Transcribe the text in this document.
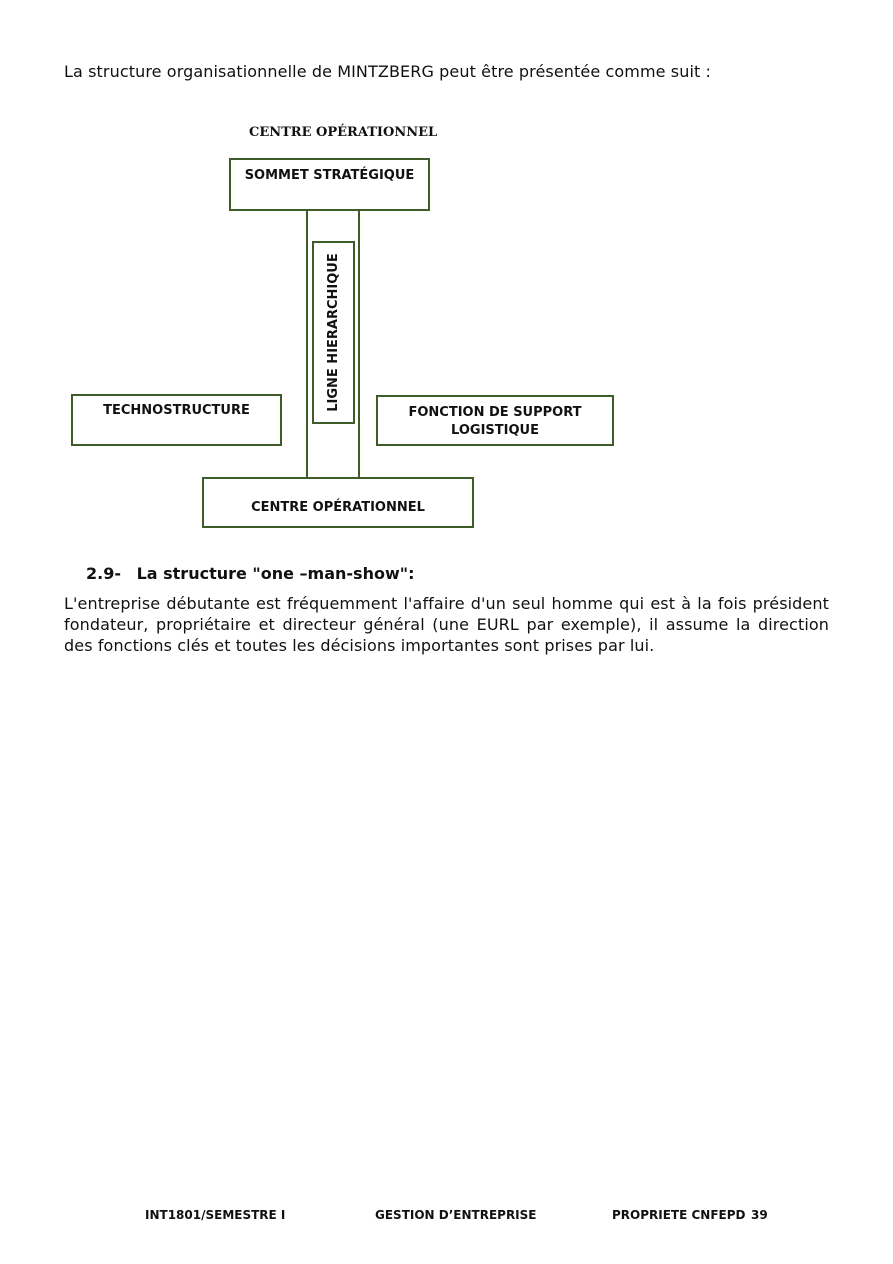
La structure organisationnelle de MINTZBERG peut être présentée comme suit :
CENTRE OPÉRATIONNEL
SOMMET STRATÉGIQUE
LIGNE HIERARCHIQUE
TECHNOSTRUCTURE	FONCTION DE SUPPORT
LOGISTIQUE
CENTRE OPÉRATIONNEL
2.9- La structure "one –man-show":
L'entreprise débutante est fréquemment l'affaire d'un seul homme qui est à la fois président fondateur, propriétaire et directeur général (une EURL par exemple), il assume la direction des fonctions clés et toutes les décisions importantes sont prises par lui.
INT1801/SEMESTRE I	GESTION D’ENTREPRISE	PROPRIETE CNFEPD 39
